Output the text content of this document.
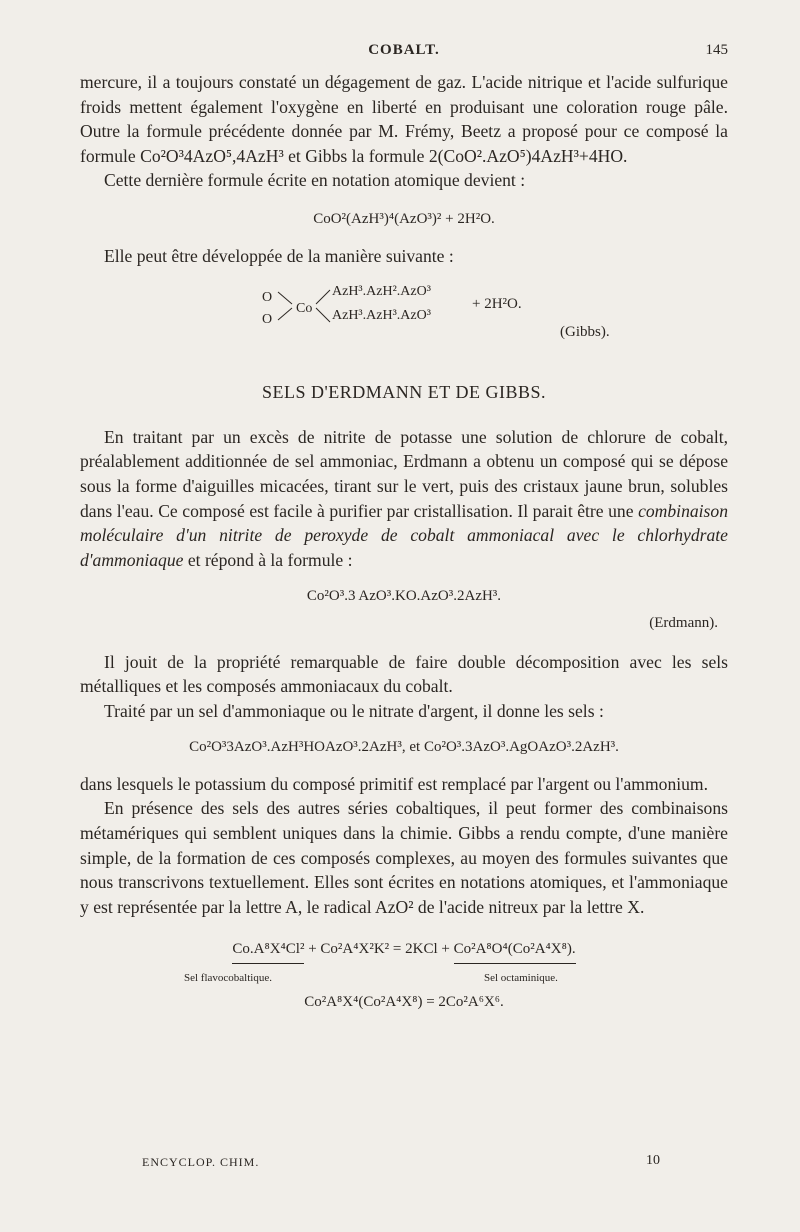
COBALT.	145

mercure, il a toujours constaté un dégagement de gaz. L'acide nitrique et l'acide sulfurique froids mettent également l'oxygène en liberté en produisant une coloration rouge pâle. Outre la formule précédente donnée par M. Frémy, Beetz a proposé pour ce composé la formule Co²O³4AzO⁵,4AzH³ et Gibbs la formule 2(CoO².AzO⁵)4AzH³+4HO.

Cette dernière formule écrite en notation atomique devient :

CoO²(AzH³)⁴(AzO³)² + 2H²O.

Elle peut être développée de la manière suivante :

O
O
Co
AzH³.AzH².AzO³
AzH³.AzH³.AzO³
+ 2H²O.
(Gibbs).
SELS D'ERDMANN ET DE GIBBS.

En traitant par un excès de nitrite de potasse une solution de chlorure de cobalt, préalablement additionnée de sel ammoniac, Erdmann a obtenu un composé qui se dépose sous la forme d'aiguilles micacées, tirant sur le vert, puis des cristaux jaune brun, solubles dans l'eau. Ce composé est facile à purifier par cristallisation. Il parait être une combinaison moléculaire d'un nitrite de peroxyde de cobalt ammoniacal avec le chlorhydrate d'ammoniaque et répond à la formule :

Co²O³.3 AzO³.KO.AzO³.2AzH³.
(Erdmann).

Il jouit de la propriété remarquable de faire double décomposition avec les sels métalliques et les composés ammoniacaux du cobalt.

Traité par un sel d'ammoniaque ou le nitrate d'argent, il donne les sels :

Co²O³3AzO³.AzH³HOAzO³.2AzH³, et Co²O³.3AzO³.AgOAzO³.2AzH³.

dans lesquels le potassium du composé primitif est remplacé par l'argent ou l'ammonium.

En présence des sels des autres séries cobaltiques, il peut former des combinaisons métamériques qui semblent uniques dans la chimie. Gibbs a rendu compte, d'une manière simple, de la formation de ces composés complexes, au moyen des formules suivantes que nous transcrivons textuellement. Elles sont écrites en notations atomiques, et l'ammoniaque y est représentée par la lettre A, le radical AzO² de l'acide nitreux par la lettre X.

Co.A⁸X⁴Cl² + Co²A⁴X²K² = 2KCl + Co²A⁸O⁴(Co²A⁴X⁸).
Sel flavocobaltique.	Sel octaminique.
Co²A⁸X⁴(Co²A⁴X⁸) = 2Co²A⁶X⁶.
ENCYCLOP. CHIM.	10
